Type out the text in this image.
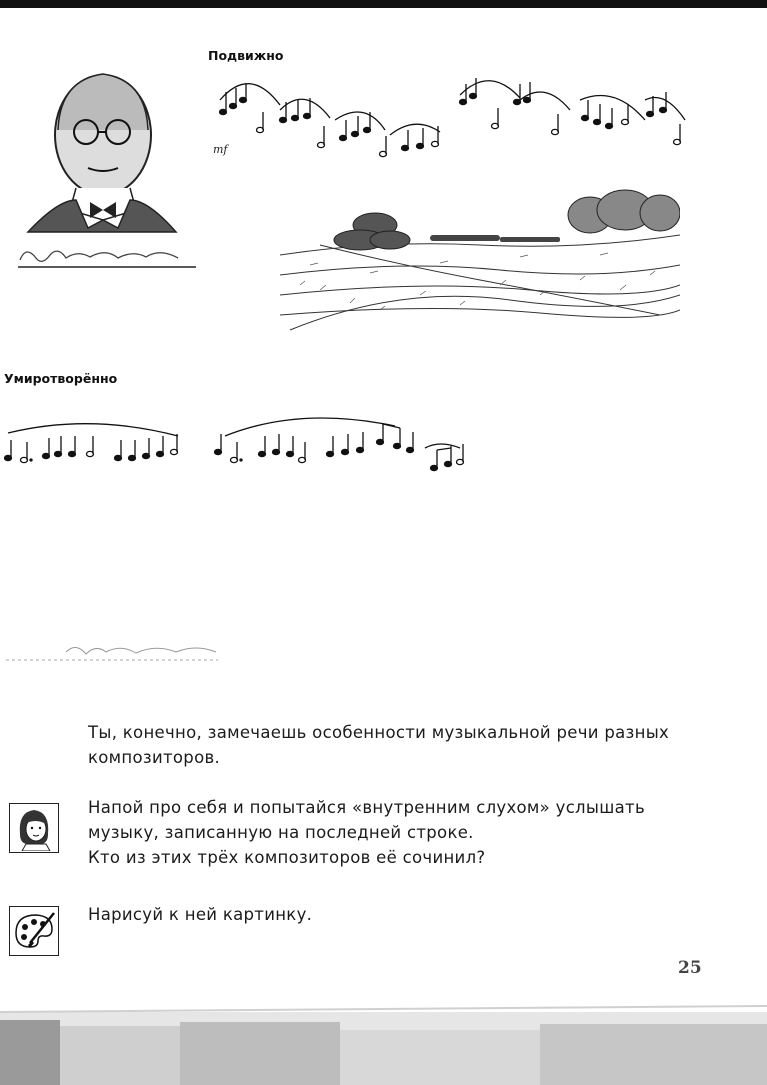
Подвижно
mf
Умиротворённо
Ты, конечно, замечаешь особенности музыкальной речи разных композиторов.
Напой про себя и попытайся «внутренним слухом» услышать
музыку, записанную на последней строке.
Кто из этих трёх композиторов её сочинил?
Нарисуй к ней картинку.
25
